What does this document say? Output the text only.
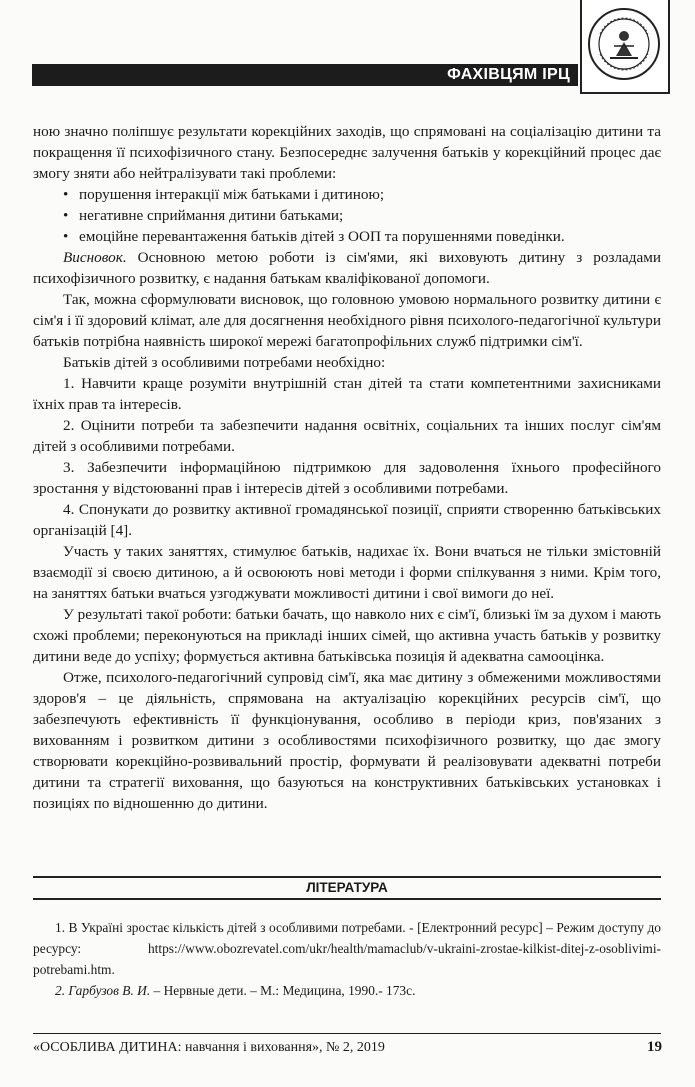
ФАХІВЦЯМ ІРЦ

ною значно поліпшує результати корекційних заходів, що спрямовані на соціалізацію дитини та покращення її психофізичного стану. Безпосереднє залучення батьків у корекційний процес дає змогу зняти або нейтралізувати такі проблеми:

• порушення інтеракції між батьками і дитиною;

• негативне сприймання дитини батьками;

• емоційне перевантаження батьків дітей з ООП та порушеннями поведінки.

Висновок. Основною метою роботи із сім'ями, які виховують дитину з розладами психофізичного розвитку, є надання батькам кваліфікованої допомоги.

Так, можна сформулювати висновок, що головною умовою нормального розвитку дитини є сім'я і її здоровий клімат, але для досягнення необхідного рівня психолого-педагогічної культури батьків потрібна наявність широкої мережі багатопрофільних служб підтримки сім'ї.

Батьків дітей з особливими потребами необхідно:

1. Навчити краще розуміти внутрішній стан дітей та стати компетентними захисниками їхніх прав та інтересів.

2. Оцінити потреби та забезпечити надання освітніх, соціальних та інших послуг сім'ям дітей з особливими потребами.

3. Забезпечити інформаційною підтримкою для задоволення їхнього професійного зростання у відстоюванні прав і інтересів дітей з особливими потребами.

4. Спонукати до розвитку активної громадянської позиції, сприяти створенню батьківських організацій [4].

Участь у таких заняттях, стимулює батьків, надихає їх. Вони вчаться не тільки змістовній взаємодії зі своєю дитиною, а й освоюють нові методи і форми спілкування з ними. Крім того, на заняттях батьки вчаться узгоджувати можливості дитини і свої вимоги до неї.

У результаті такої роботи: батьки бачать, що навколо них є сім'ї, близькі їм за духом і мають схожі проблеми; переконуються на прикладі інших сімей, що активна участь батьків у розвитку дитини веде до успіху; формується активна батьківська позиція й адекватна самооцінка.

Отже, психолого-педагогічний супровід сім'ї, яка має дитину з обмеженими можливостями здоров'я – це діяльність, спрямована на актуалізацію корекційних ресурсів сім'ї, що забезпечують ефективність її функціонування, особливо в періоди криз, пов'язаних з вихованням і розвитком дитини з особливостями психофізичного розвитку, що дає змогу створювати корекційно-розвивальний простір, формувати й реалізовувати адекватні потреби дитини та стратегії виховання, що базуються на конструктивних батьківських установках і позиціях по відношенню до дитини.

ЛІТЕРАТУРА

1. В Україні зростає кількість дітей з особливими потребами. - [Електронний ресурс] – Режим доступу до ресурсу: https://www.obozrevatel.com/ukr/health/mamaclub/v-ukraini-zrostae-kilkist-ditej-z-osoblivimi-potrebami.htm.

2. Гарбузов В. И. – Нервные дети. – М.: Медицина, 1990.- 173с.

«ОСОБЛИВА ДИТИНА: навчання і виховання», № 2, 2019	19
